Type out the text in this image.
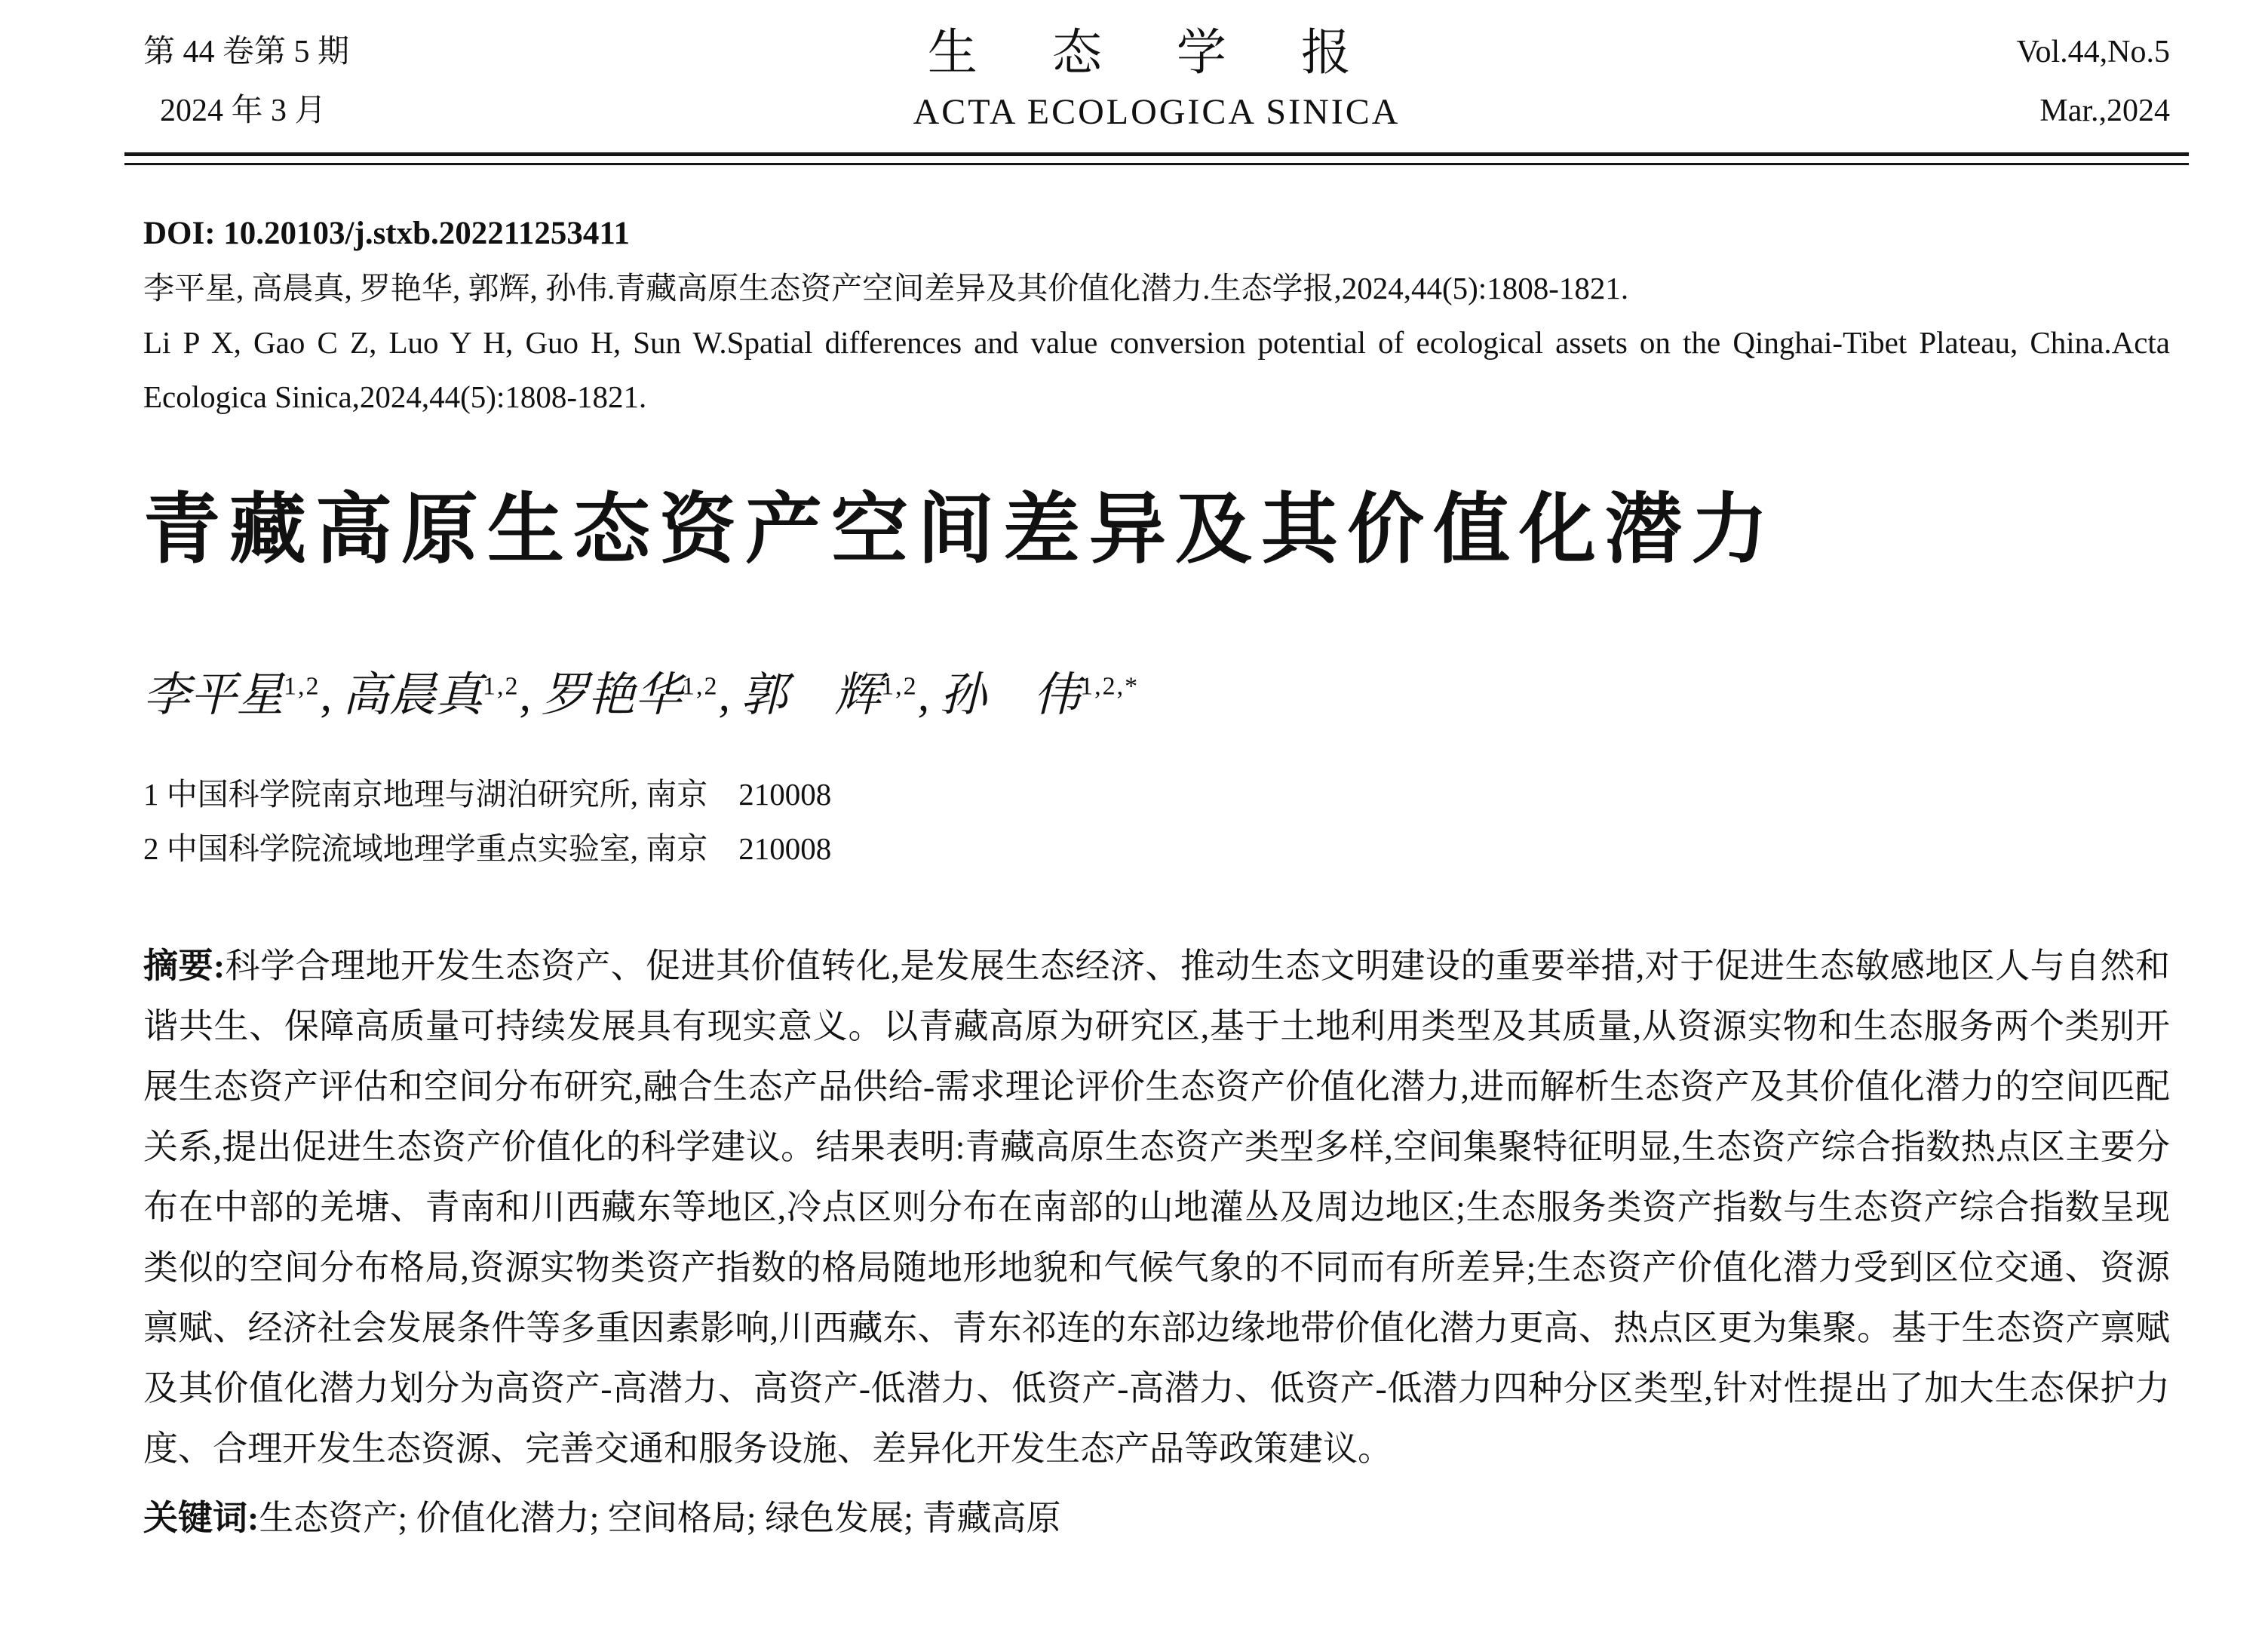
第 44 卷第 5 期
2024 年 3 月
生态学报
ACTA ECOLOGICA SINICA
Vol.44,No.5
Mar.,2024
DOI: 10.20103/j.stxb.202211253411
李平星, 高晨真, 罗艳华, 郭辉, 孙伟.青藏高原生态资产空间差异及其价值化潜力.生态学报,2024,44(5):1808-1821.
Li P X, Gao C Z, Luo Y H, Guo H, Sun W.Spatial differences and value conversion potential of ecological assets on the Qinghai-Tibet Plateau, China.Acta Ecologica Sinica,2024,44(5):1808-1821.
青藏高原生态资产空间差异及其价值化潜力
李平星$^{1,2}$, 高晨真$^{1,2}$, 罗艳华$^{1,2}$, 郭　辉$^{1,2}$, 孙　伟$^{1,2,*}$
1 中国科学院南京地理与湖泊研究所, 南京　210008
2 中国科学院流域地理学重点实验室, 南京　210008
摘要:科学合理地开发生态资产、促进其价值转化,是发展生态经济、推动生态文明建设的重要举措,对于促进生态敏感地区人与自然和谐共生、保障高质量可持续发展具有现实意义。以青藏高原为研究区,基于土地利用类型及其质量,从资源实物和生态服务两个类别开展生态资产评估和空间分布研究,融合生态产品供给-需求理论评价生态资产价值化潜力,进而解析生态资产及其价值化潜力的空间匹配关系,提出促进生态资产价值化的科学建议。结果表明:青藏高原生态资产类型多样,空间集聚特征明显,生态资产综合指数热点区主要分布在中部的羌塘、青南和川西藏东等地区,冷点区则分布在南部的山地灌丛及周边地区;生态服务类资产指数与生态资产综合指数呈现类似的空间分布格局,资源实物类资产指数的格局随地形地貌和气候气象的不同而有所差异;生态资产价值化潜力受到区位交通、资源禀赋、经济社会发展条件等多重因素影响,川西藏东、青东祁连的东部边缘地带价值化潜力更高、热点区更为集聚。基于生态资产禀赋及其价值化潜力划分为高资产-高潜力、高资产-低潜力、低资产-高潜力、低资产-低潜力四种分区类型,针对性提出了加大生态保护力度、合理开发生态资源、完善交通和服务设施、差异化开发生态产品等政策建议。
关键词:生态资产; 价值化潜力; 空间格局; 绿色发展; 青藏高原
